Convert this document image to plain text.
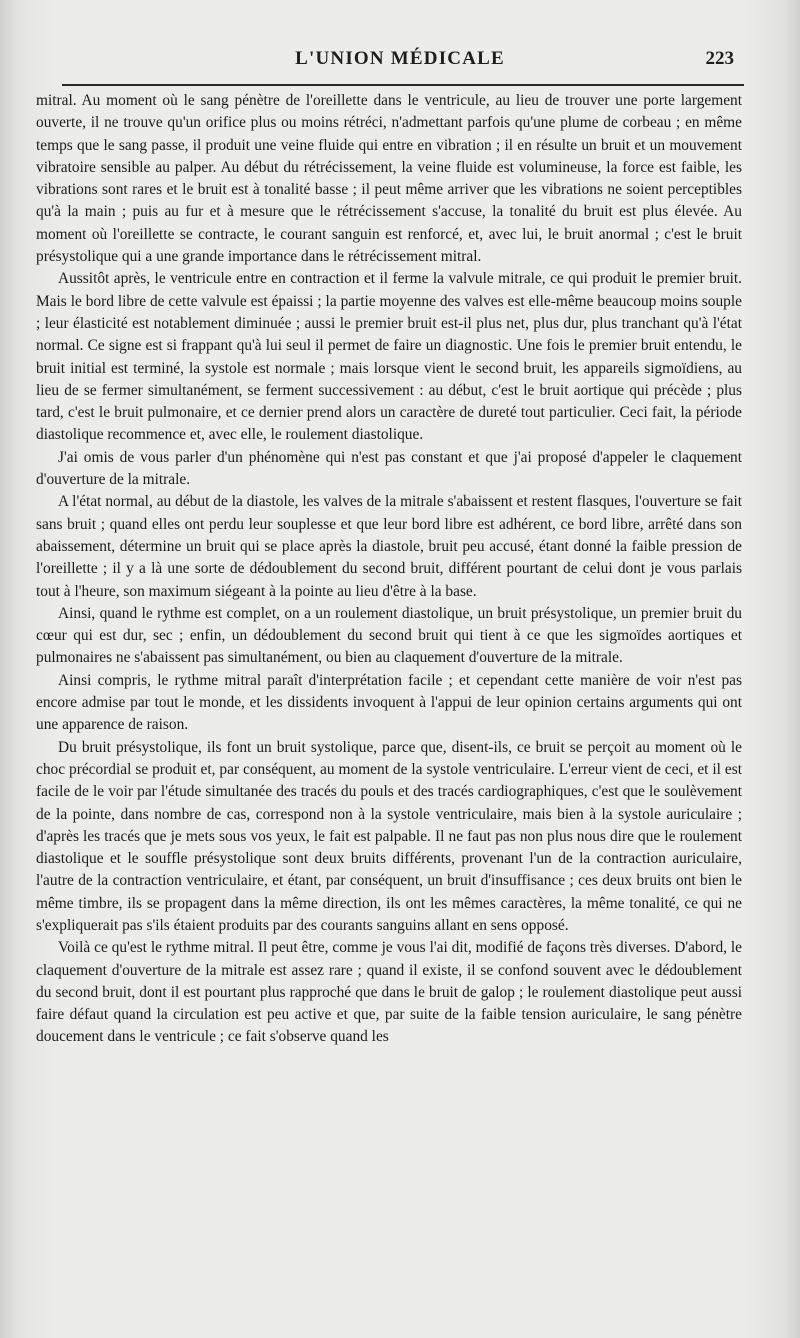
L'UNION MÉDICALE	223

mitral. Au moment où le sang pénètre de l'oreillette dans le ventricule, au lieu de trouver une porte largement ouverte, il ne trouve qu'un orifice plus ou moins rétréci, n'admettant parfois qu'une plume de corbeau ; en même temps que le sang passe, il produit une veine fluide qui entre en vibration ; il en résulte un bruit et un mouvement vibratoire sensible au palper. Au début du rétrécissement, la veine fluide est volumineuse, la force est faible, les vibrations sont rares et le bruit est à tonalité basse ; il peut même arriver que les vibrations ne soient perceptibles qu'à la main ; puis au fur et à mesure que le rétrécissement s'accuse, la tonalité du bruit est plus élevée. Au moment où l'oreillette se contracte, le courant sanguin est renforcé, et, avec lui, le bruit anormal ; c'est le bruit présystolique qui a une grande importance dans le rétrécissement mitral.

Aussitôt après, le ventricule entre en contraction et il ferme la valvule mitrale, ce qui produit le premier bruit. Mais le bord libre de cette valvule est épaissi ; la partie moyenne des valves est elle-même beaucoup moins souple ; leur élasticité est notablement diminuée ; aussi le premier bruit est-il plus net, plus dur, plus tranchant qu'à l'état normal. Ce signe est si frappant qu'à lui seul il permet de faire un diagnostic. Une fois le premier bruit entendu, le bruit initial est terminé, la systole est normale ; mais lorsque vient le second bruit, les appareils sigmoïdiens, au lieu de se fermer simultanément, se ferment successivement : au début, c'est le bruit aortique qui précède ; plus tard, c'est le bruit pulmonaire, et ce dernier prend alors un caractère de dureté tout particulier. Ceci fait, la période diastolique recommence et, avec elle, le roulement diastolique.

J'ai omis de vous parler d'un phénomène qui n'est pas constant et que j'ai proposé d'appeler le claquement d'ouverture de la mitrale.

A l'état normal, au début de la diastole, les valves de la mitrale s'abaissent et restent flasques, l'ouverture se fait sans bruit ; quand elles ont perdu leur souplesse et que leur bord libre est adhérent, ce bord libre, arrêté dans son abaissement, détermine un bruit qui se place après la diastole, bruit peu accusé, étant donné la faible pression de l'oreillette ; il y a là une sorte de dédoublement du second bruit, différent pourtant de celui dont je vous parlais tout à l'heure, son maximum siégeant à la pointe au lieu d'être à la base.

Ainsi, quand le rythme est complet, on a un roulement diastolique, un bruit présystolique, un premier bruit du cœur qui est dur, sec ; enfin, un dédoublement du second bruit qui tient à ce que les sigmoïdes aortiques et pulmonaires ne s'abaissent pas simultanément, ou bien au claquement d'ouverture de la mitrale.

Ainsi compris, le rythme mitral paraît d'interprétation facile ; et cependant cette manière de voir n'est pas encore admise par tout le monde, et les dissidents invoquent à l'appui de leur opinion certains arguments qui ont une apparence de raison.

Du bruit présystolique, ils font un bruit systolique, parce que, disent-ils, ce bruit se perçoit au moment où le choc précordial se produit et, par conséquent, au moment de la systole ventriculaire. L'erreur vient de ceci, et il est facile de le voir par l'étude simultanée des tracés du pouls et des tracés cardiographiques, c'est que le soulèvement de la pointe, dans nombre de cas, correspond non à la systole ventriculaire, mais bien à la systole auriculaire ; d'après les tracés que je mets sous vos yeux, le fait est palpable. Il ne faut pas non plus nous dire que le roulement diastolique et le souffle présystolique sont deux bruits différents, provenant l'un de la contraction auriculaire, l'autre de la contraction ventriculaire, et étant, par conséquent, un bruit d'insuffisance ; ces deux bruits ont bien le même timbre, ils se propagent dans la même direction, ils ont les mêmes caractères, la même tonalité, ce qui ne s'expliquerait pas s'ils étaient produits par des courants sanguins allant en sens opposé.

Voilà ce qu'est le rythme mitral. Il peut être, comme je vous l'ai dit, modifié de façons très diverses. D'abord, le claquement d'ouverture de la mitrale est assez rare ; quand il existe, il se confond souvent avec le dédoublement du second bruit, dont il est pourtant plus rapproché que dans le bruit de galop ; le roulement diastolique peut aussi faire défaut quand la circulation est peu active et que, par suite de la faible tension auriculaire, le sang pénètre doucement dans le ventricule ; ce fait s'observe quand les
